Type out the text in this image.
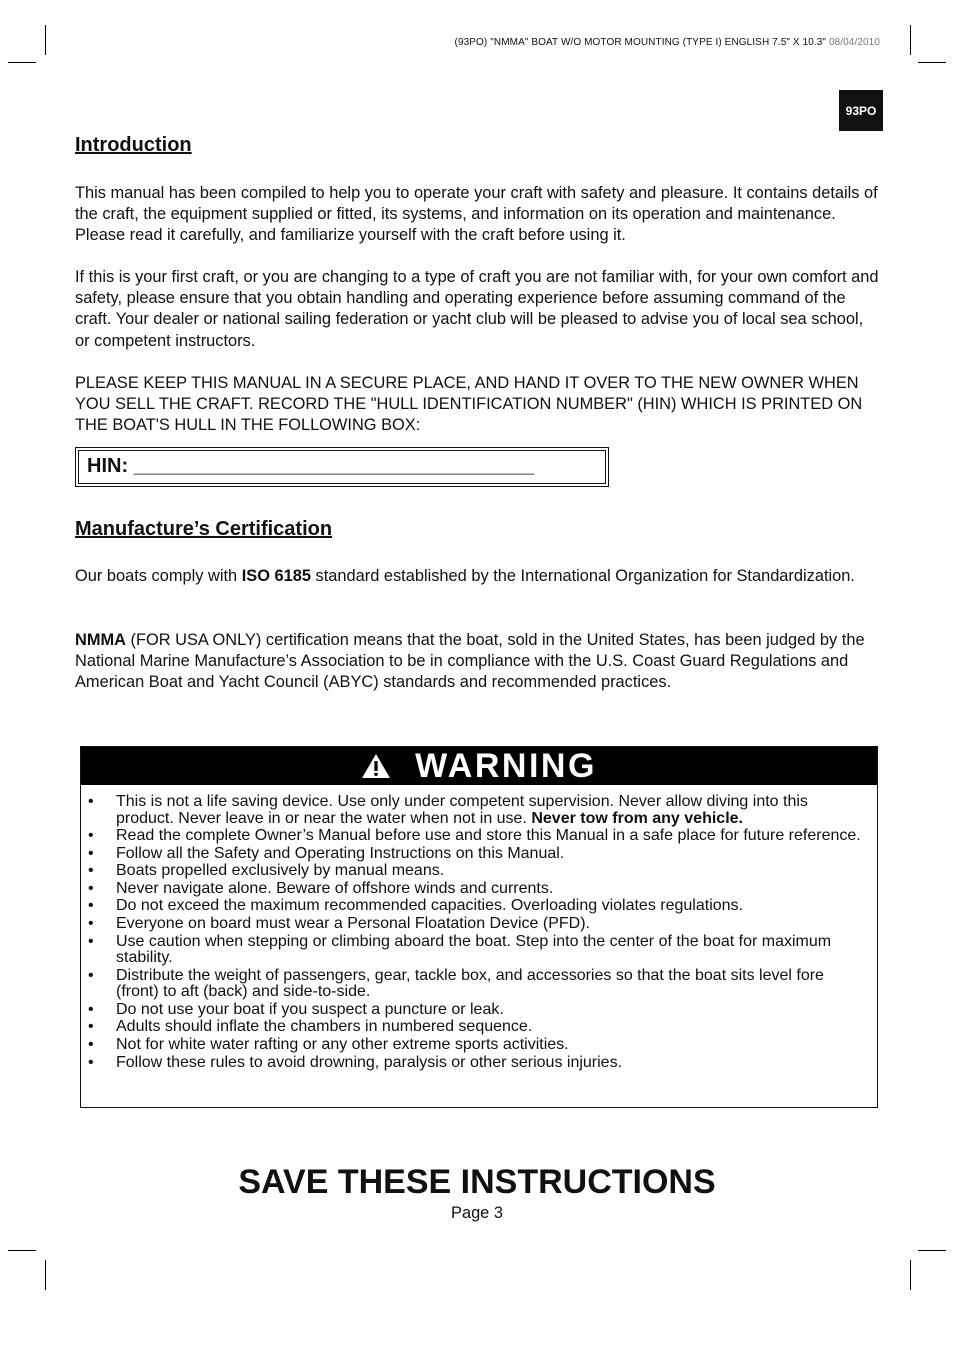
(93PO) "NMMA" BOAT W/O MOTOR MOUNTING (TYPE I) ENGLISH 7.5" X 10.3" 08/04/2010
93PO
Introduction

This manual has been compiled to help you to operate your craft with safety and pleasure. It contains details of the craft, the equipment supplied or fitted, its systems, and information on its operation and maintenance. Please read it carefully, and familiarize yourself with the craft before using it.

If this is your first craft, or you are changing to a type of craft you are not familiar with, for your own comfort and safety, please ensure that you obtain handling and operating experience before assuming command of the craft. Your dealer or national sailing federation or yacht club will be pleased to advise you of local sea school, or competent instructors.

PLEASE KEEP THIS MANUAL IN A SECURE PLACE, AND HAND IT OVER TO THE NEW OWNER WHEN YOU SELL THE CRAFT. RECORD THE "HULL IDENTIFICATION NUMBER" (HIN) WHICH IS PRINTED ON THE BOAT'S HULL IN THE FOLLOWING BOX:

HIN: ____________________________________
Manufacture’s Certification

Our boats comply with ISO 6185 standard established by the International Organization for Standardization.

NMMA (FOR USA ONLY) certification means that the boat, sold in the United States, has been judged by the National Marine Manufacture’s Association to be in compliance with the U.S. Coast Guard Regulations and American Boat and Yacht Council (ABYC) standards and recommended practices.

WARNING
• This is not a life saving device. Use only under competent supervision. Never allow diving into this product. Never leave in or near the water when not in use. Never tow from any vehicle.
• Read the complete Owner’s Manual before use and store this Manual in a safe place for future reference.
• Follow all the Safety and Operating Instructions on this Manual.
• Boats propelled exclusively by manual means.
• Never navigate alone. Beware of offshore winds and currents.
• Do not exceed the maximum recommended capacities. Overloading violates regulations.
• Everyone on board must wear a Personal Floatation Device (PFD).
• Use caution when stepping or climbing aboard the boat. Step into the center of the boat for maximum stability.
• Distribute the weight of passengers, gear, tackle box, and accessories so that the boat sits level fore (front) to aft (back) and side-to-side.
• Do not use your boat if you suspect a puncture or leak.
• Adults should inflate the chambers in numbered sequence.
• Not for white water rafting or any other extreme sports activities.
• Follow these rules to avoid drowning, paralysis or other serious injuries.
SAVE THESE INSTRUCTIONS
Page 3
